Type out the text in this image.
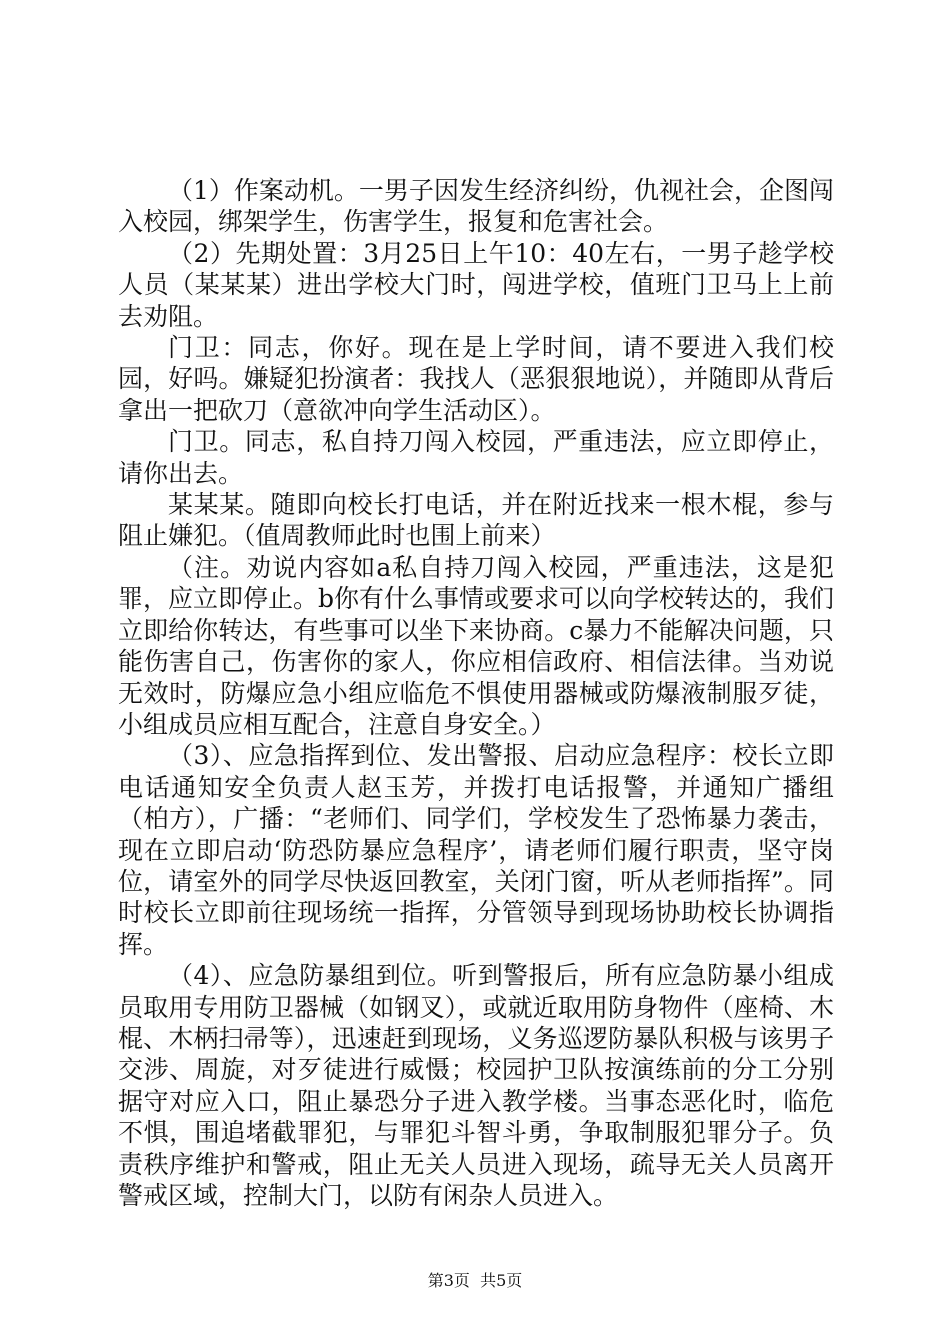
（1）作案动机。一男子因发生经济纠纷，仇视社会，企图闯入校园，绑架学生，伤害学生，报复和危害社会。

（2）先期处置：3月25日上午10：40左右，一男子趁学校人员（某某某）进出学校大门时，闯进学校，值班门卫马上上前去劝阻。

门卫：同志，你好。现在是上学时间，请不要进入我们校园，好吗。嫌疑犯扮演者：我找人（恶狠狠地说），并随即从背后拿出一把砍刀（意欲冲向学生活动区）。

门卫。同志，私自持刀闯入校园，严重违法，应立即停止，请你出去。

某某某。随即向校长打电话，并在附近找来一根木棍，参与阻止嫌犯。（值周教师此时也围上前来）

（注。劝说内容如a私自持刀闯入校园，严重违法，这是犯罪，应立即停止。b你有什么事情或要求可以向学校转达的，我们立即给你转达，有些事可以坐下来协商。c暴力不能解决问题，只能伤害自己，伤害你的家人，你应相信政府、相信法律。当劝说无效时，防爆应急小组应临危不惧使用器械或防爆液制服歹徒，小组成员应相互配合，注意自身安全。）

（3）、应急指挥到位、发出警报、启动应急程序：校长立即电话通知安全负责人赵玉芳，并拨打电话报警，并通知广播组（柏方），广播：“老师们、同学们，学校发生了恐怖暴力袭击，现在立即启动‘防恐防暴应急程序’，请老师们履行职责，坚守岗位，请室外的同学尽快返回教室，关闭门窗，听从老师指挥”。同时校长立即前往现场统一指挥，分管领导到现场协助校长协调指挥。

（4）、应急防暴组到位。听到警报后，所有应急防暴小组成员取用专用防卫器械（如钢叉），或就近取用防身物件（座椅、木棍、木柄扫帚等），迅速赶到现场，义务巡逻防暴队积极与该男子交涉、周旋，对歹徒进行威慑；校园护卫队按演练前的分工分别据守对应入口，阻止暴恐分子进入教学楼。当事态恶化时，临危不惧，围追堵截罪犯，与罪犯斗智斗勇，争取制服犯罪分子。负责秩序维护和警戒，阻止无关人员进入现场，疏导无关人员离开警戒区域，控制大门，以防有闲杂人员进入。

第3页  共5页
